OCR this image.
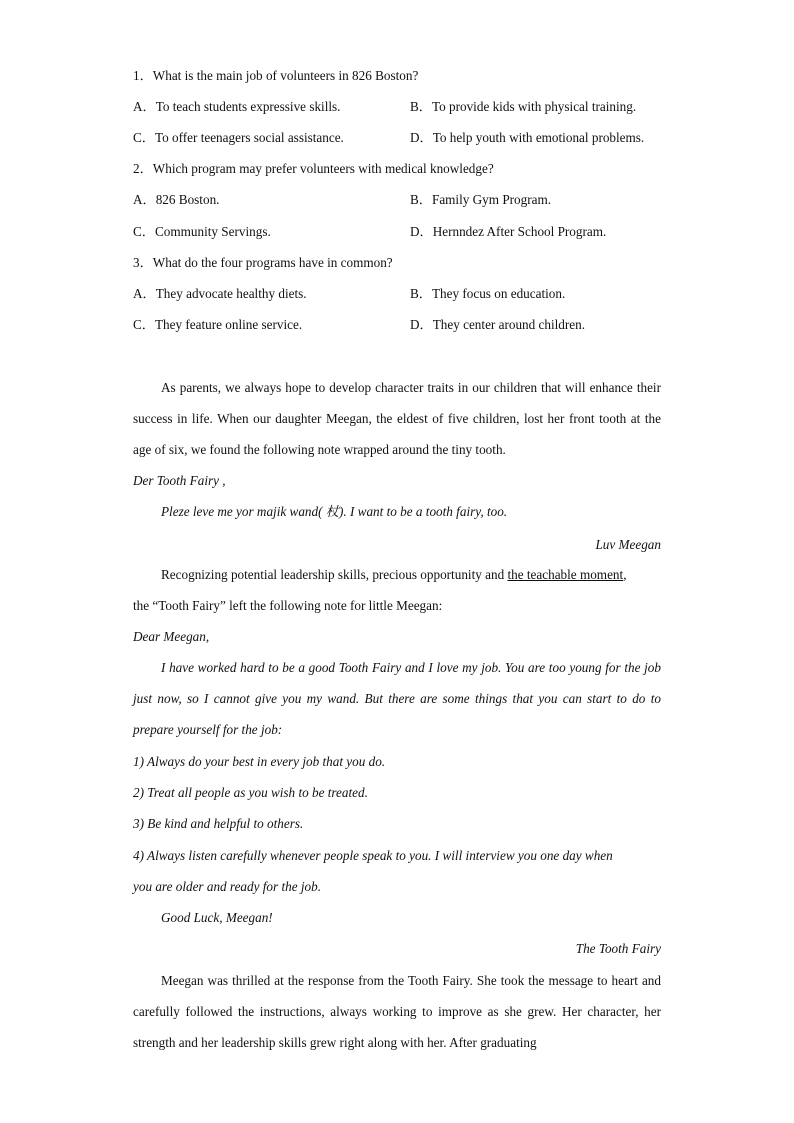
1．What is the main job of volunteers in 826 Boston?
A．To teach students expressive skills.	B．To provide kids with physical training.
C．To offer teenagers social assistance.	D．To help youth with emotional problems.
2．Which program may prefer volunteers with medical knowledge?
A．826 Boston.	B．Family Gym Program.
C．Community Servings.	D．Hernndez After School Program.
3．What do the four programs have in common?
A．They advocate healthy diets.	B．They focus on education.
C．They feature online service.	D．They center around children.
As parents, we always hope to develop character traits in our children that will enhance their success in life. When our daughter Meegan, the eldest of five children, lost her front tooth at the age of six, we found the following note wrapped around the tiny tooth.
Der Tooth Fairy ,
Pleze leve me yor majik wand( 杖). I want to be a tooth fairy, too.
Luv Meegan
Recognizing potential leadership skills, precious opportunity and the teachable moment,
the “Tooth Fairy” left the following note for little Meegan:
Dear Meegan,
I have worked hard to be a good Tooth Fairy and I love my job. You are too young for the job just now, so I cannot give you my wand. But there are some things that you can start to do to prepare yourself for the job:
1) Always do your best in every job that you do.
2) Treat all people as you wish to be treated.
3) Be kind and helpful to others.
4) Always listen carefully whenever people speak to you. I will interview you one day when
you are older and ready for the job.
Good Luck, Meegan!
The Tooth Fairy
Meegan was thrilled at the response from the Tooth Fairy. She took the message to heart and carefully followed the instructions, always working to improve as she grew. Her character, her strength and her leadership skills grew right along with her. After graduating
